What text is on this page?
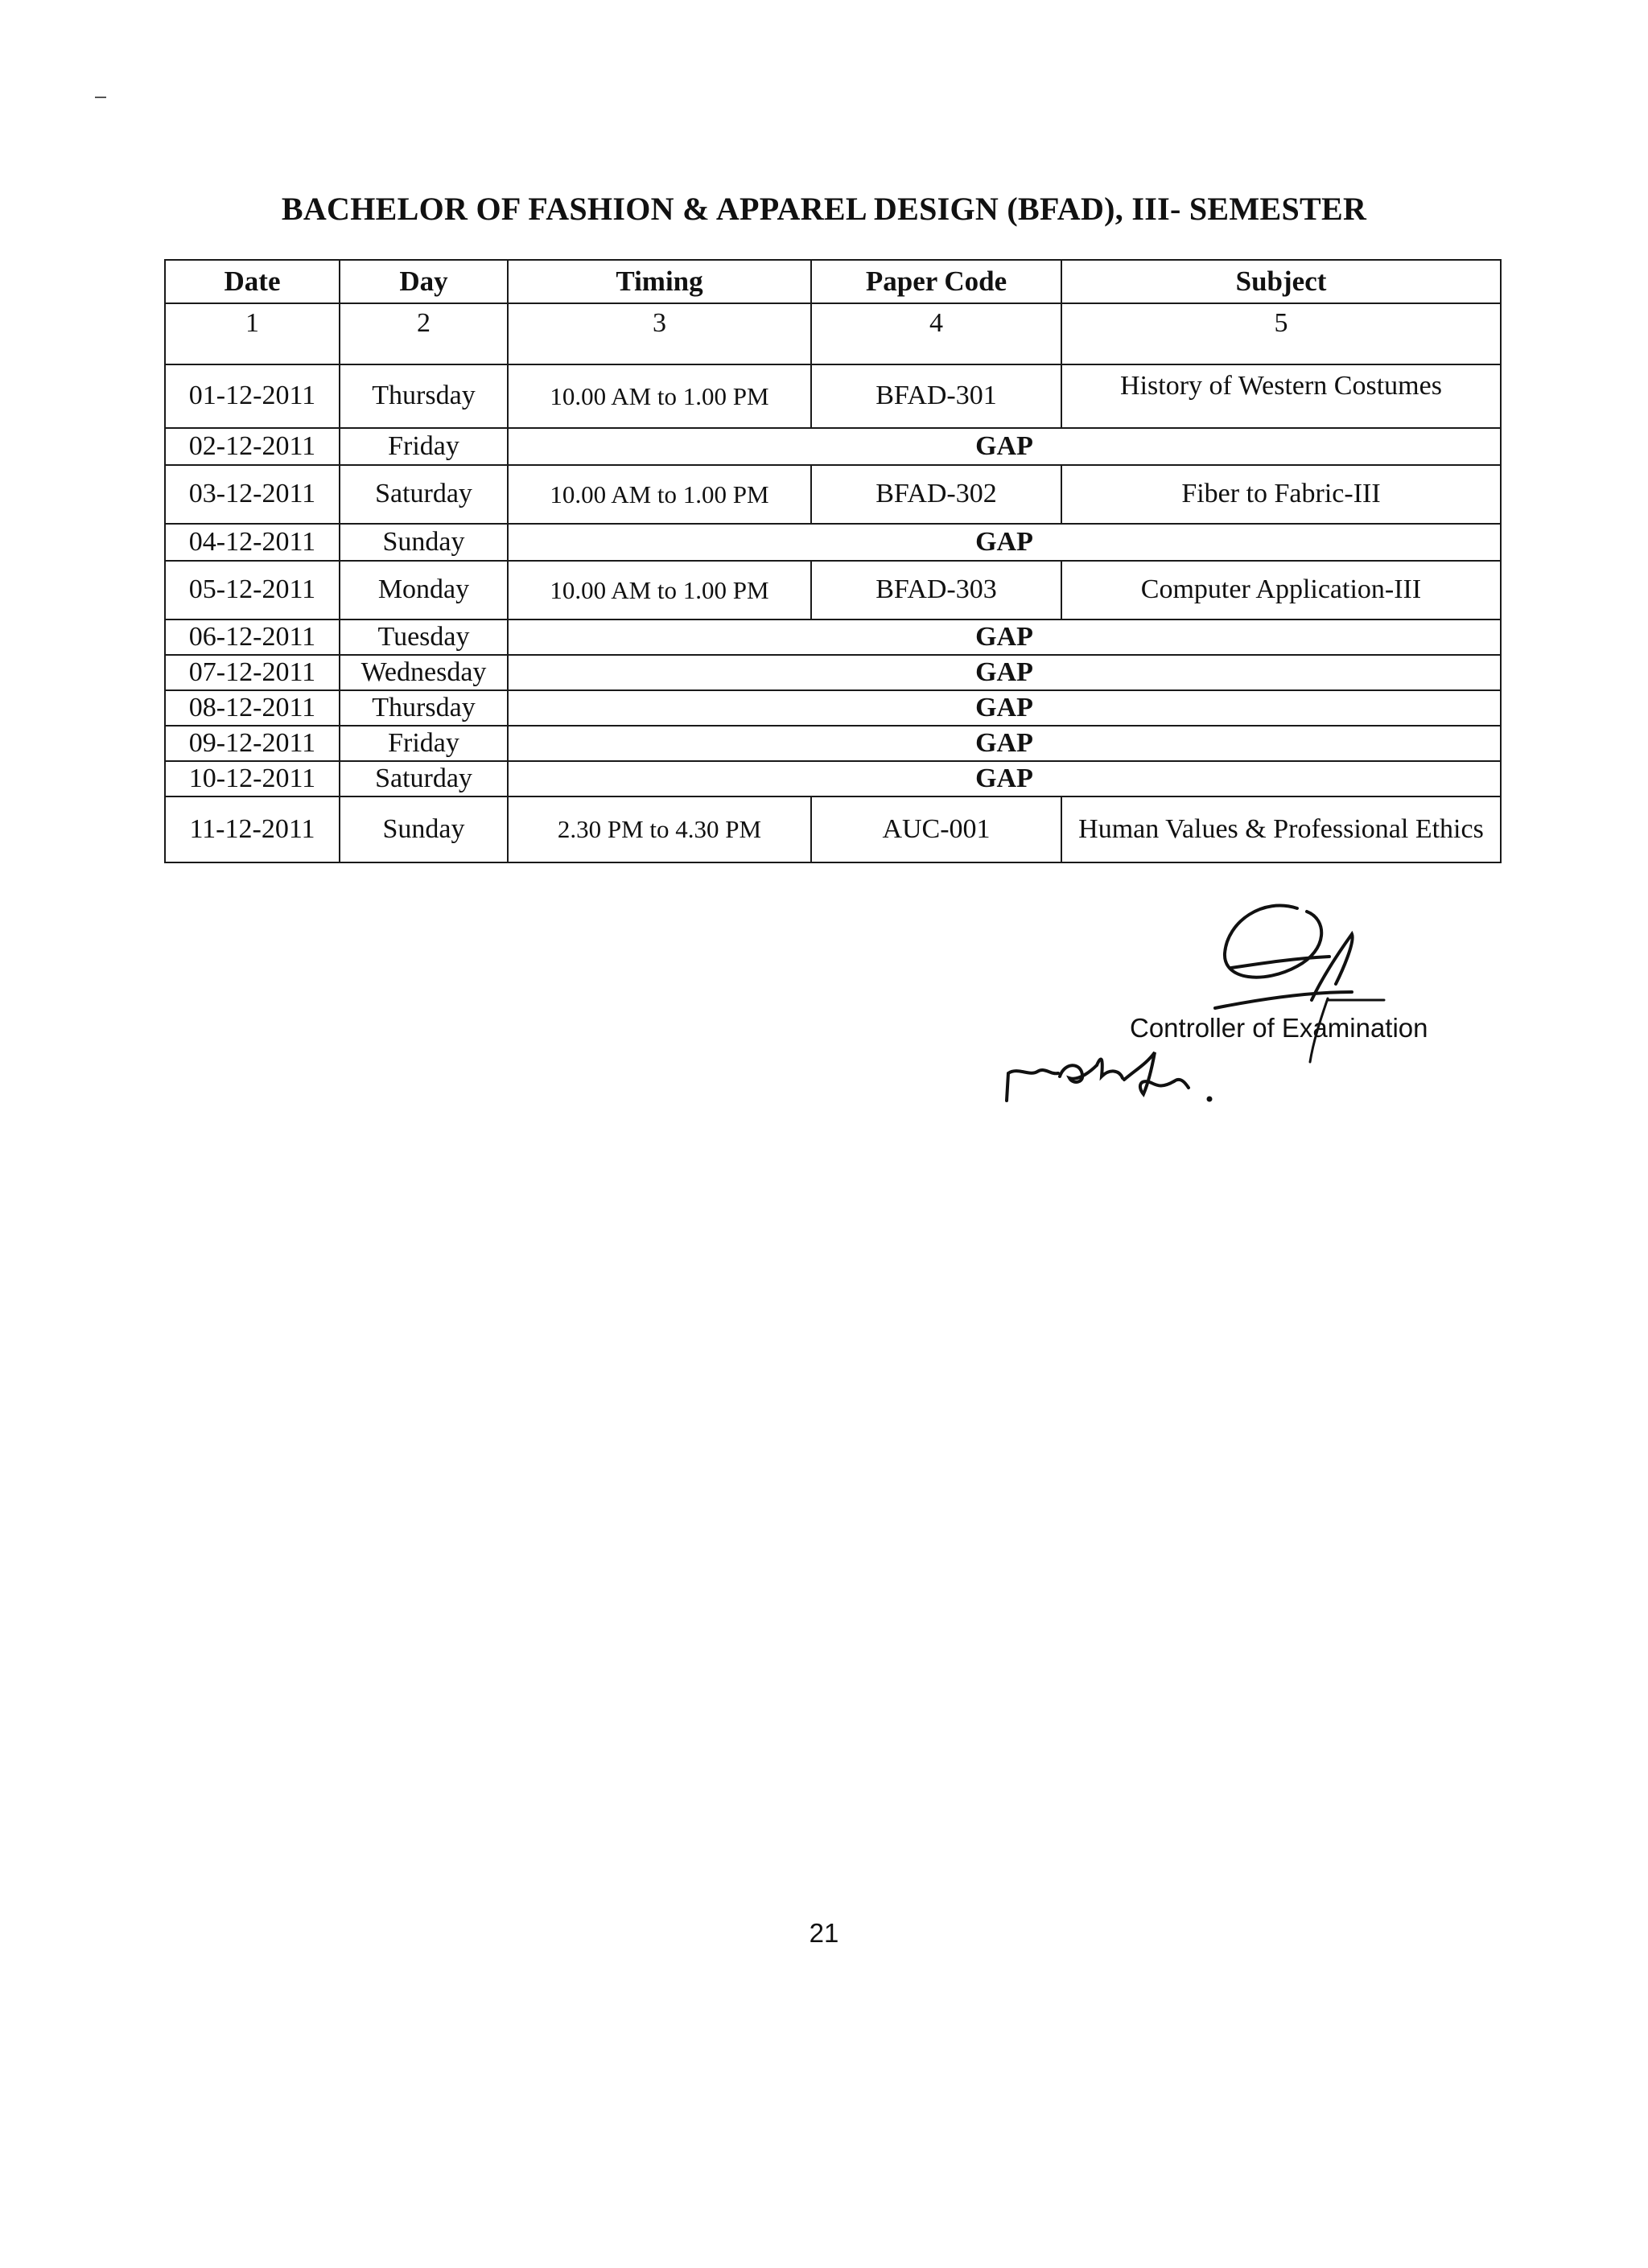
BACHELOR OF FASHION & APPAREL DESIGN (BFAD), III- SEMESTER
Date	Day	Timing	Paper Code	Subject
1	2	3	4	5
01-12-2011	Thursday	10.00 AM to 1.00 PM	BFAD-301	History of Western Costumes
02-12-2011	Friday	GAP		
03-12-2011	Saturday	10.00 AM to 1.00 PM	BFAD-302	Fiber to Fabric-III
04-12-2011	Sunday	GAP		
05-12-2011	Monday	10.00 AM to 1.00 PM	BFAD-303	Computer Application-III
06-12-2011	Tuesday	GAP		
07-12-2011	Wednesday	GAP		
08-12-2011	Thursday	GAP		
09-12-2011	Friday	GAP		
10-12-2011	Saturday	GAP		
11-12-2011	Sunday	2.30 PM to 4.30 PM	AUC-001	Human Values & Professional Ethics
Controller of Examination
21
